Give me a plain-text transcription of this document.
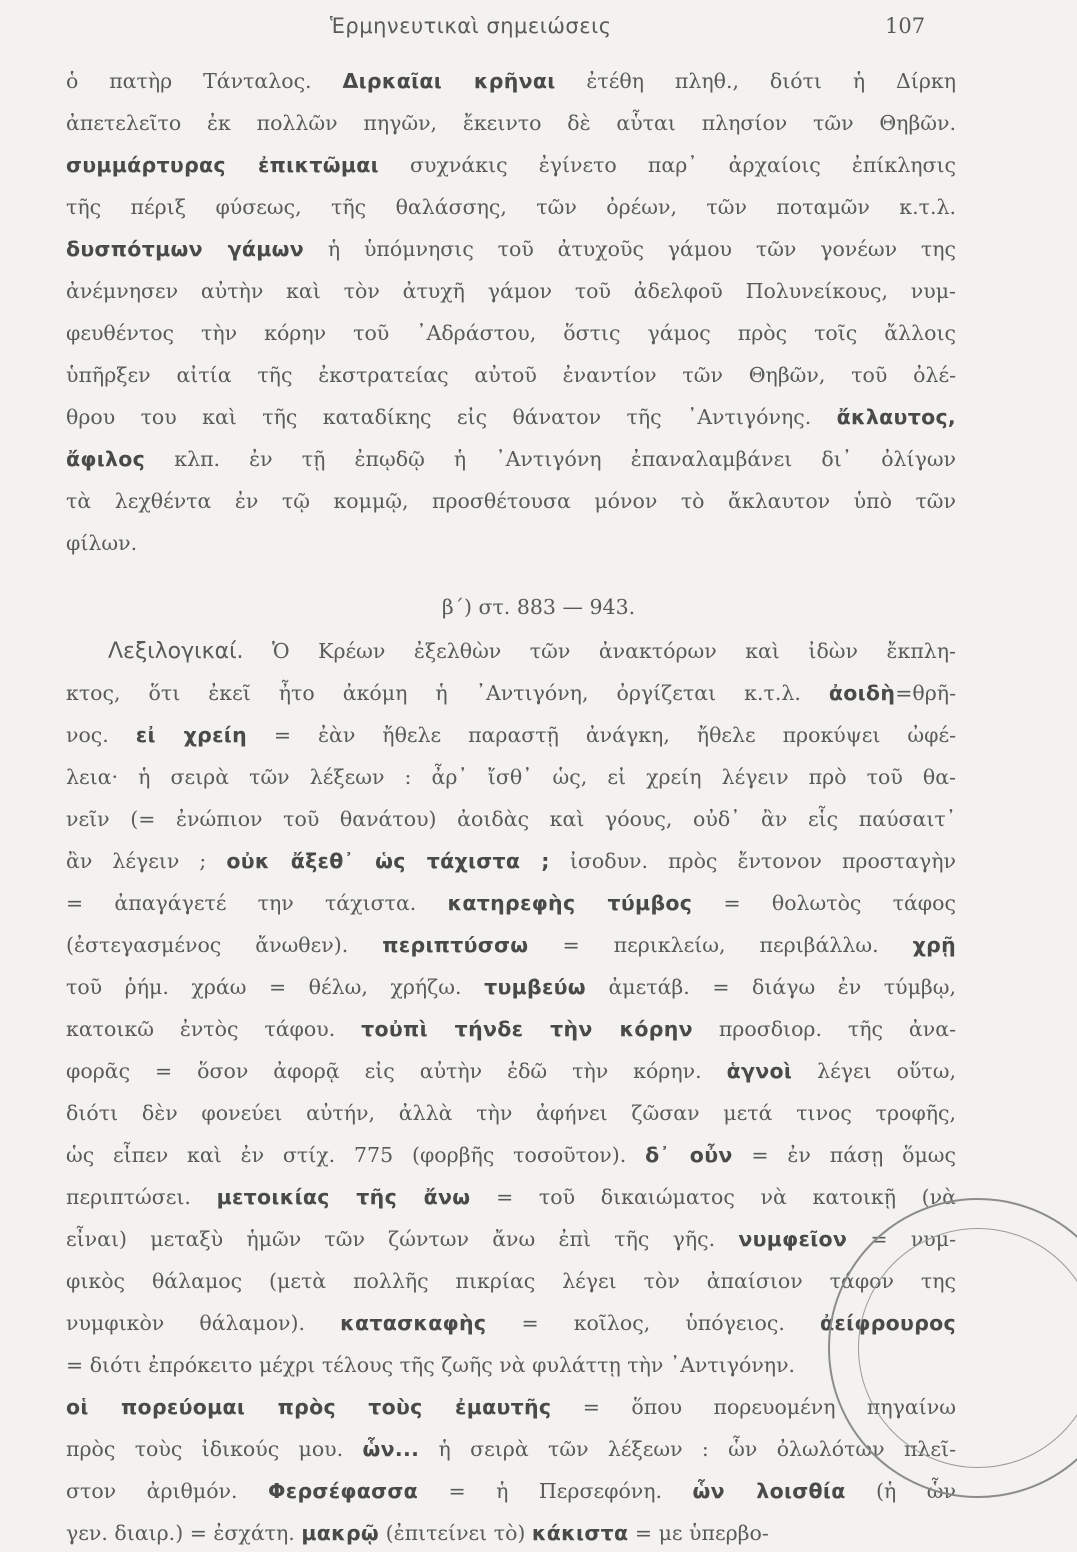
Ἑρμηνευτικαὶ σημειώσεις	107
ὁ πατὴρ Τάνταλος. Διρκαῖαι κρῆναι ἐτέθη πληθ., διότι ἡ Δίρκη
ἀπετελεῖτο ἐκ πολλῶν πηγῶν, ἔκειντο δὲ αὗται πλησίον τῶν Θηβῶν.
συμμάρτυρας ἐπικτῶμαι συχνάκις ἐγίνετο παρ᾿ ἀρχαίοις ἐπίκλησις
τῆς πέριξ φύσεως, τῆς θαλάσσης, τῶν ὀρέων, τῶν ποταμῶν κ.τ.λ.
δυσπότμων γάμων ἡ ὑπόμνησις τοῦ ἀτυχοῦς γάμου τῶν γονέων της
ἀνέμνησεν αὐτὴν καὶ τὸν ἀτυχῆ γάμον τοῦ ἀδελφοῦ Πολυνείκους, νυμ-
φευθέντος τὴν κόρην τοῦ ᾿Αδράστου, ὅστις γάμος πρὸς τοῖς ἄλλοις
ὑπῆρξεν αἰτία τῆς ἐκστρατείας αὐτοῦ ἐναντίον τῶν Θηβῶν, τοῦ ὀλέ-
θρου του καὶ τῆς καταδίκης εἰς θάνατον τῆς ᾿Αντιγόνης. ἄκλαυτος,
ἄφιλος κλπ. ἐν τῇ ἐπῳδῷ ἡ ᾿Αντιγόνη ἐπαναλαμβάνει δι᾿ ὀλίγων
τὰ λεχθέντα ἐν τῷ κομμῷ, προσθέτουσα μόνον τὸ ἄκλαυτον ὑπὸ τῶν
φίλων.
β΄) στ. 883 — 943.
Λεξιλογικαί. Ὁ Κρέων ἐξελθὼν τῶν ἀνακτόρων καὶ ἰδὼν ἔκπλη-
κτος, ὅτι ἐκεῖ ἦτο ἀκόμη ἡ ᾿Αντιγόνη, ὀργίζεται κ.τ.λ. ἀοιδὴ=θρῆ-
νος. εἰ χρείη = ἐὰν ἤθελε παραστῇ ἀνάγκη, ἤθελε προκύψει ὠφέ-
λεια· ἡ σειρὰ τῶν λέξεων : ἆρ᾿ ἴσθ᾿ ὡς, εἰ χρείη λέγειν πρὸ τοῦ θα-
νεῖν (= ἐνώπιον τοῦ θανάτου) ἀοιδὰς καὶ γόους, οὐδ᾿ ἂν εἷς παύσαιτ᾿
ἂν λέγειν ; οὐκ ἄξεθ᾿ ὡς τάχιστα ; ἰσοδυν. πρὸς ἔντονον προσταγὴν
= ἀπαγάγετέ την τάχιστα. κατηρεφὴς τύμβος = θολωτὸς τάφος
(ἐστεγασμένος ἄνωθεν). περιπτύσσω = περικλείω, περιβάλλω. χρῇ
τοῦ ῥήμ. χράω = θέλω, χρήζω. τυμβεύω ἀμετάβ. = διάγω ἐν τύμβῳ,
κατοικῶ ἐντὸς τάφου. τοὐπὶ τήνδε τὴν κόρην προσδιορ. τῆς ἀνα-
φορᾶς = ὅσον ἀφορᾷ εἰς αὐτὴν ἐδῶ τὴν κόρην. ἁγνοὶ λέγει οὕτω,
διότι δὲν φονεύει αὐτήν, ἀλλὰ τὴν ἀφήνει ζῶσαν μετά τινος τροφῆς,
ὡς εἶπεν καὶ ἐν στίχ. 775 (φορβῆς τοσοῦτον). δ᾿ οὖν = ἐν πάσῃ ὅμως
περιπτώσει. μετοικίας τῆς ἄνω = τοῦ δικαιώματος νὰ κατοικῇ (νὰ
εἶναι) μεταξὺ ἡμῶν τῶν ζώντων ἄνω ἐπὶ τῆς γῆς. νυμφεῖον = νυμ-
φικὸς θάλαμος (μετὰ πολλῆς πικρίας λέγει τὸν ἀπαίσιον τάφον της
νυμφικὸν θάλαμον). κατασκαφὴς = κοῖλος, ὑπόγειος. ἀείφρουρος
= διότι ἐπρόκειτο μέχρι τέλους τῆς ζωῆς νὰ φυλάττῃ τὴν ᾿Αντιγόνην.
οἱ πορεύομαι πρὸς τοὺς ἐμαυτῆς = ὅπου πορευομένη πηγαίνω
πρὸς τοὺς ἰδικούς μου. ὧν... ἡ σειρὰ τῶν λέξεων : ὧν ὀλωλότων πλεῖ-
στον ἀριθμόν. Φερσέφασσα = ἡ Περσεφόνη. ὧν λοισθία (ἡ ὧν
γεν. διαιρ.) = ἐσχάτη. μακρῷ (ἐπιτείνει τὸ) κάκιστα = με ὑπερβο-
